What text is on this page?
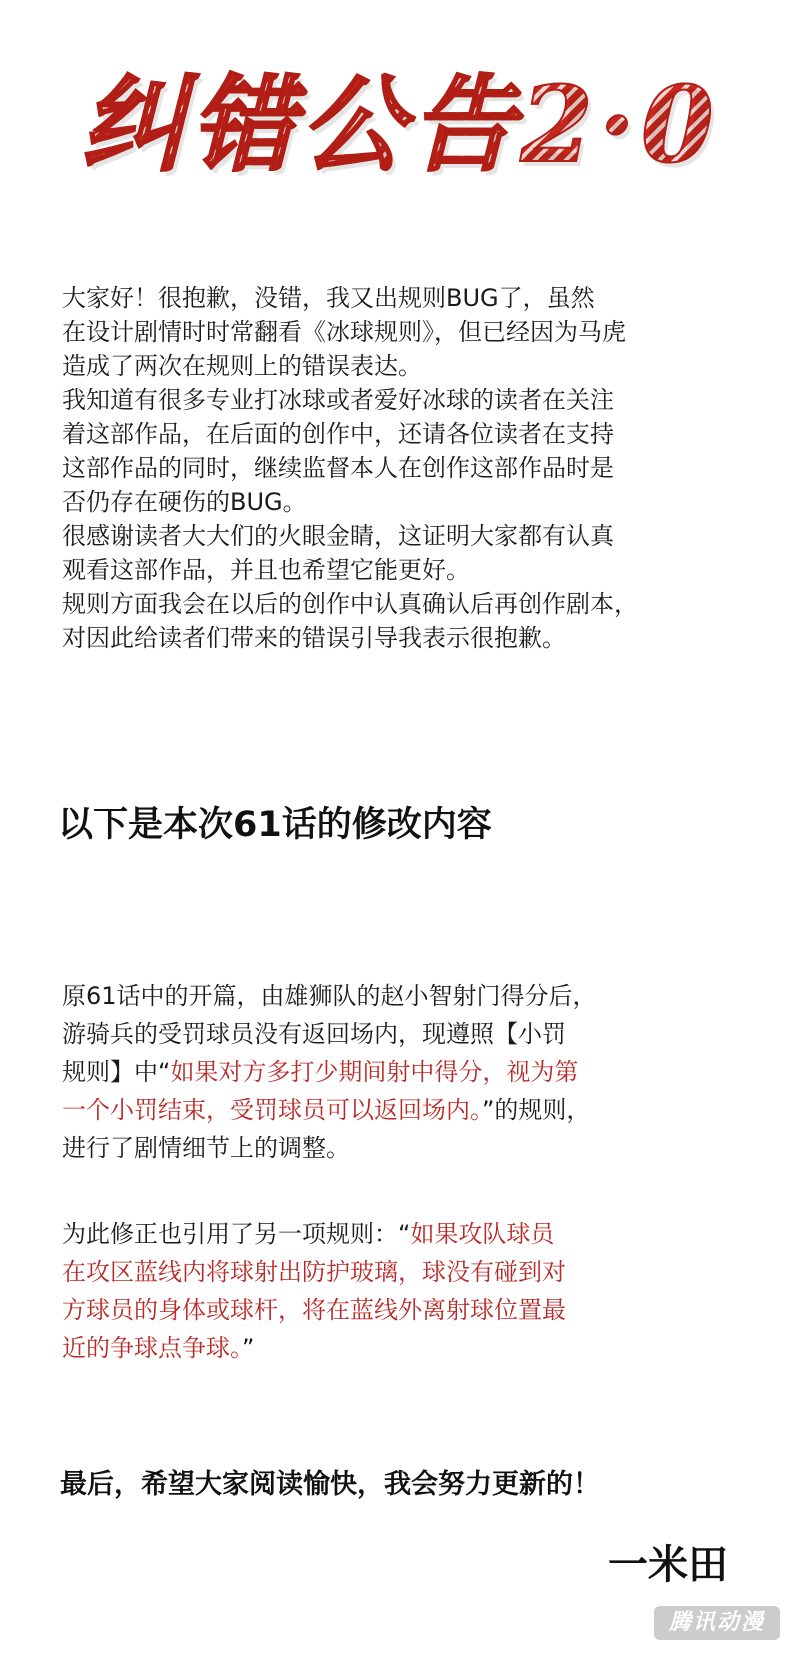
纠错公告2·0

大家好！很抱歉，没错，我又出规则BUG了，虽然

在设计剧情时时常翻看《冰球规则》，但已经因为马虎

造成了两次在规则上的错误表达。

我知道有很多专业打冰球或者爱好冰球的读者在关注

着这部作品，在后面的创作中，还请各位读者在支持

这部作品的同时，继续监督本人在创作这部作品时是

否仍存在硬伤的BUG。

很感谢读者大大们的火眼金睛，这证明大家都有认真

观看这部作品，并且也希望它能更好。

规则方面我会在以后的创作中认真确认后再创作剧本，

对因此给读者们带来的错误引导我表示很抱歉。

以下是本次61话的修改内容

原61话中的开篇，由雄狮队的赵小智射门得分后，

游骑兵的受罚球员没有返回场内，现遵照【小罚

规则】中“如果对方多打少期间射中得分，视为第

一个小罚结束，受罚球员可以返回场内。”的规则，

进行了剧情细节上的调整。

为此修正也引用了另一项规则：“如果攻队球员

在攻区蓝线内将球射出防护玻璃，球没有碰到对

方球员的身体或球杆，将在蓝线外离射球位置最

近的争球点争球。”

最后，希望大家阅读愉快，我会努力更新的！
一米田
腾讯动漫
